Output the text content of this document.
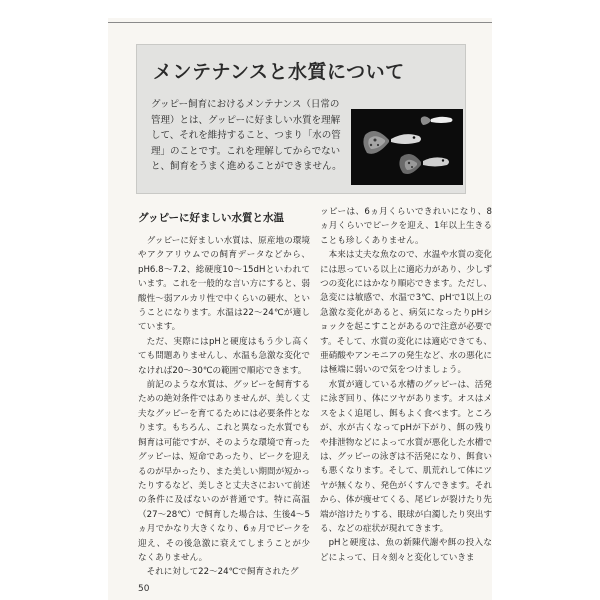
メンテナンスと水質について
グッピー飼育におけるメンテナンス（日常の管理）とは、グッピーに好ましい水質を理解して、それを維持すること、つまり「水の管理」のことです。これを理解してからでないと、飼育をうまく進めることができません。
グッピーに好ましい水質と水温

グッピーに好ましい水質は、原産地の環境やアクアリウムでの飼育データなどから、pH6.8〜7.2、総硬度10〜15dHといわれています。これを一般的な言い方にすると、弱酸性〜弱アルカリ性で中くらいの硬水、ということになります。水温は22〜24℃が適しています。

ただ、実際にはpHと硬度はもう少し高くても問題ありませんし、水温も急激な変化でなければ20〜30℃の範囲で順応できます。

前記のような水質は、グッピーを飼育するための絶対条件ではありませんが、美しく丈夫なグッピーを育てるためには必要条件となります。もちろん、これと異なった水質でも飼育は可能ですが、そのような環境で育ったグッピーは、短命であったり、ピークを迎えるのが早かったり、また美しい期間が短かったりするなど、美しさと丈夫さにおいて前述の条件に及ばないのが普通です。特に高温（27〜28℃）で飼育した場合は、生後4〜5ヵ月でかなり大きくなり、6ヵ月でピークを迎え、その後急激に衰えてしまうことが少なくありません。

それに対して22〜24℃で飼育されたグ

ッピーは、6ヵ月くらいできれいになり、8ヵ月くらいでピークを迎え、1年以上生きることも珍しくありません。

本来は丈夫な魚なので、水温や水質の変化には思っている以上に適応力があり、少しずつの変化にはかなり順応できます。ただし、急変には敏感で、水温で3℃、pHで1以上の急激な変化があると、病気になったりpHショックを起こすことがあるので注意が必要です。そして、水質の変化には適応できても、亜硝酸やアンモニアの発生など、水の悪化には極端に弱いので気をつけましょう。

水質が適している水槽のグッピーは、活発に泳ぎ回り、体にツヤがあります。オスはメスをよく追尾し、餌もよく食べます。ところが、水が古くなってpHが下がり、餌の残りや排泄物などによって水質が悪化した水槽では、グッピーの泳ぎは不活発になり、餌食いも悪くなります。そして、肌荒れして体にツヤが無くなり、発色がくすんできます。それから、体が痩せてくる、尾ビレが裂けたり先端が溶けたりする、眼球が白濁したり突出する、などの症状が現れてきます。

pHと硬度は、魚の新陳代謝や餌の投入などによって、日々刻々と変化していきま

50
